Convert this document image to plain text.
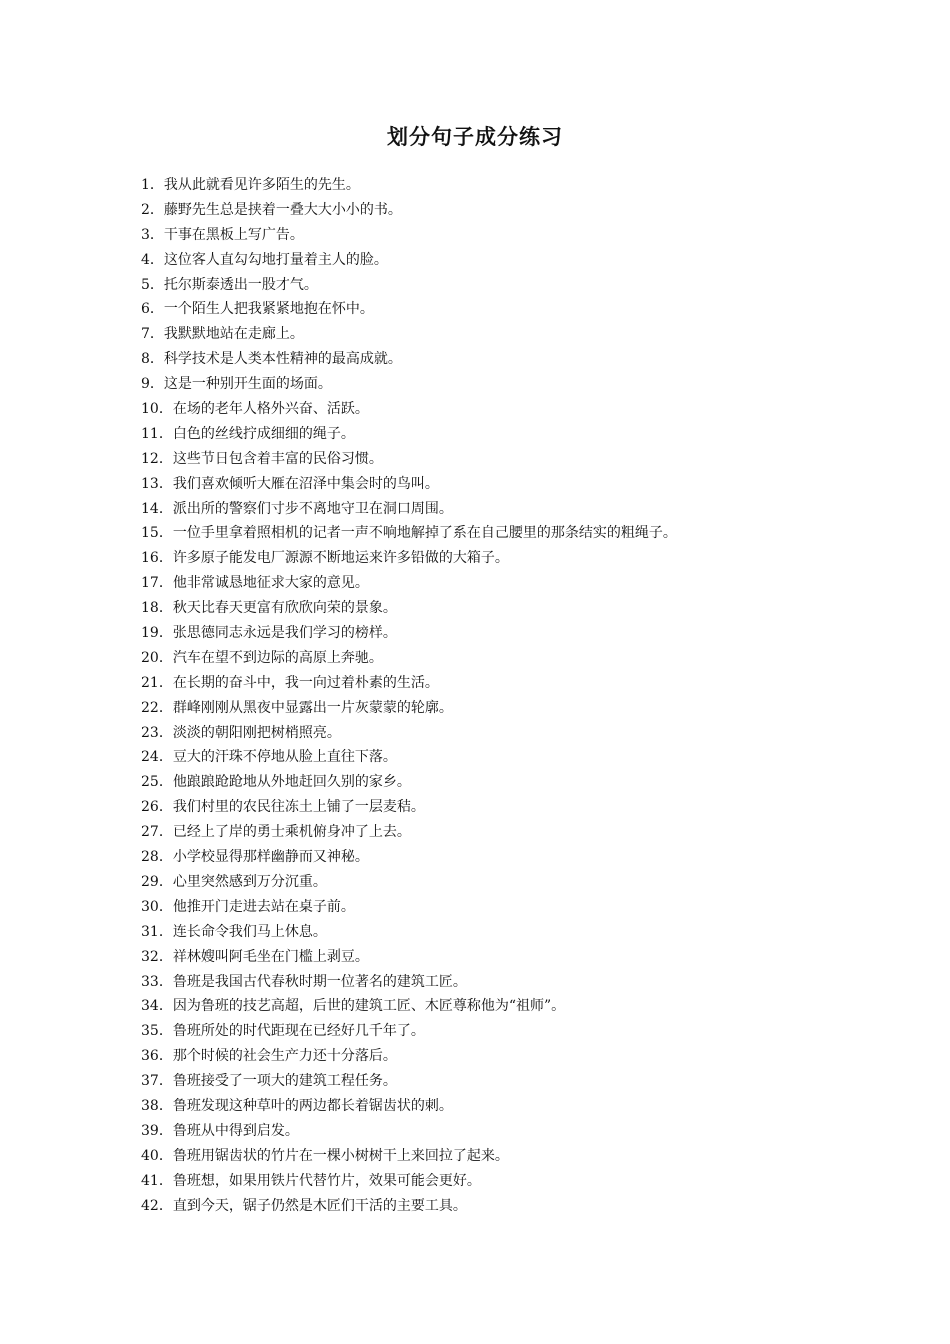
划分句子成分练习
1．我从此就看见许多陌生的先生。
2．藤野先生总是挟着一叠大大小小的书。
3．干事在黑板上写广告。
4．这位客人直勾勾地打量着主人的脸。
5．托尔斯泰透出一股才气。
6．一个陌生人把我紧紧地抱在怀中。
7．我默默地站在走廊上。
8．科学技术是人类本性精神的最高成就。
9．这是一种别开生面的场面。
10．在场的老年人格外兴奋、活跃。
11．白色的丝线拧成细细的绳子。
12．这些节日包含着丰富的民俗习惯。
13．我们喜欢倾听大雁在沼泽中集会时的鸟叫。
14．派出所的警察们寸步不离地守卫在洞口周围。
15．一位手里拿着照相机的记者一声不响地解掉了系在自己腰里的那条结实的粗绳子。
16．许多原子能发电厂源源不断地运来许多铅做的大箱子。
17．他非常诚恳地征求大家的意见。
18．秋天比春天更富有欣欣向荣的景象。
19．张思德同志永远是我们学习的榜样。
20．汽车在望不到边际的高原上奔驰。
21．在长期的奋斗中，我一向过着朴素的生活。
22．群峰刚刚从黑夜中显露出一片灰蒙蒙的轮廓。
23．淡淡的朝阳刚把树梢照亮。
24．豆大的汗珠不停地从脸上直往下落。
25．他踉踉跄跄地从外地赶回久别的家乡。
26．我们村里的农民往冻土上铺了一层麦秸。
27．已经上了岸的勇士乘机俯身冲了上去。
28．小学校显得那样幽静而又神秘。
29．心里突然感到万分沉重。
30．他推开门走进去站在桌子前。
31．连长命令我们马上休息。
32．祥林嫂叫阿毛坐在门槛上剥豆。
33．鲁班是我国古代春秋时期一位著名的建筑工匠。
34．因为鲁班的技艺高超，后世的建筑工匠、木匠尊称他为“祖师”。
35．鲁班所处的时代距现在已经好几千年了。
36．那个时候的社会生产力还十分落后。
37．鲁班接受了一项大的建筑工程任务。
38．鲁班发现这种草叶的两边都长着锯齿状的刺。
39．鲁班从中得到启发。
40．鲁班用锯齿状的竹片在一棵小树树干上来回拉了起来。
41．鲁班想，如果用铁片代替竹片，效果可能会更好。
42．直到今天，锯子仍然是木匠们干活的主要工具。
